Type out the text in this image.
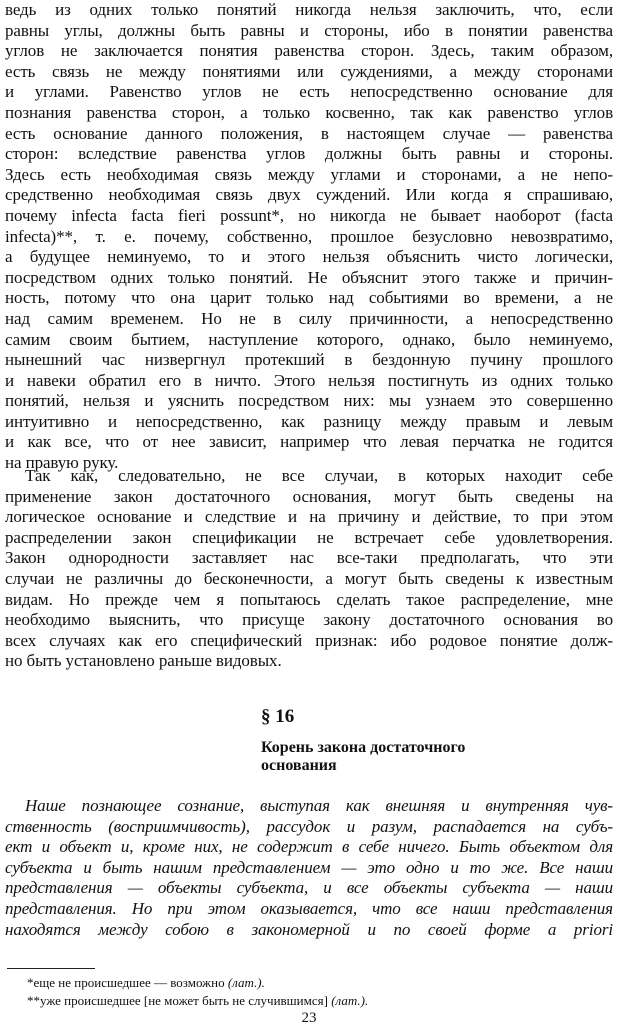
ведь из одних только понятий никогда нельзя заключить, что, если
равны углы, должны быть равны и стороны, ибо в понятии равенства
углов не заключается понятия равенства сторон. Здесь, таким образом,
есть связь не между понятиями или суждениями, а между сторонами
и углами. Равенство углов не есть непосредственно основание для
познания равенства сторон, а только косвенно, так как равенство углов
есть основание данного положения, в настоящем случае — равенства
сторон: вследствие равенства углов должны быть равны и стороны.
Здесь есть необходимая связь между углами и сторонами, а не непо-
средственно необходимая связь двух суждений. Или когда я спрашиваю,
почему infecta facta fieri possunt*, но никогда не бывает наоборот (facta
infecta)**, т. е. почему, собственно, прошлое безусловно невозвратимо,
а будущее неминуемо, то и этого нельзя объяснить чисто логически,
посредством одних только понятий. Не объяснит этого также и причин-
ность, потому что она царит только над событиями во времени, а не
над самим временем. Но не в силу причинности, а непосредственно
самим своим бытием, наступление которого, однако, было неминуемо,
нынешний час низвергнул протекший в бездонную пучину прошлого
и навеки обратил его в ничто. Этого нельзя постигнуть из одних только
понятий, нельзя и уяснить посредством них: мы узнаем это совершенно
интуитивно и непосредственно, как разницу между правым и левым
и как все, что от нее зависит, например что левая перчатка не годится
на правую руку.
Так как, следовательно, не все случаи, в которых находит себе
применение закон достаточного основания, могут быть сведены на
логическое основание и следствие и на причину и действие, то при этом
распределении закон спецификации не встречает себе удовлетворения.
Закон однородности заставляет нас все-таки предполагать, что эти
случаи не различны до бесконечности, а могут быть сведены к известным
видам. Но прежде чем я попытаюсь сделать такое распределение, мне
необходимо выяснить, что присуще закону достаточного основания во
всех случаях как его специфический признак: ибо родовое понятие долж-
но быть установлено раньше видовых.
§ 16
Корень закона достаточного
основания
Наше познающее сознание, выступая как внешняя и внутренняя чув-
ственность (восприимчивость), рассудок и разум, распадается на субъ-
ект и объект и, кроме них, не содержит в себе ничего. Быть объектом для
субъекта и быть нашим представлением — это одно и то же. Все наши
представления — объекты субъекта, и все объекты субъекта — наши
представления. Но при этом оказывается, что все наши представления
находятся между собою в закономерной и по своей форме a priori
*еще не происшедшее — возможно (лат.).
**уже происшедшее [не может быть не случившимся] (лат.).
23
